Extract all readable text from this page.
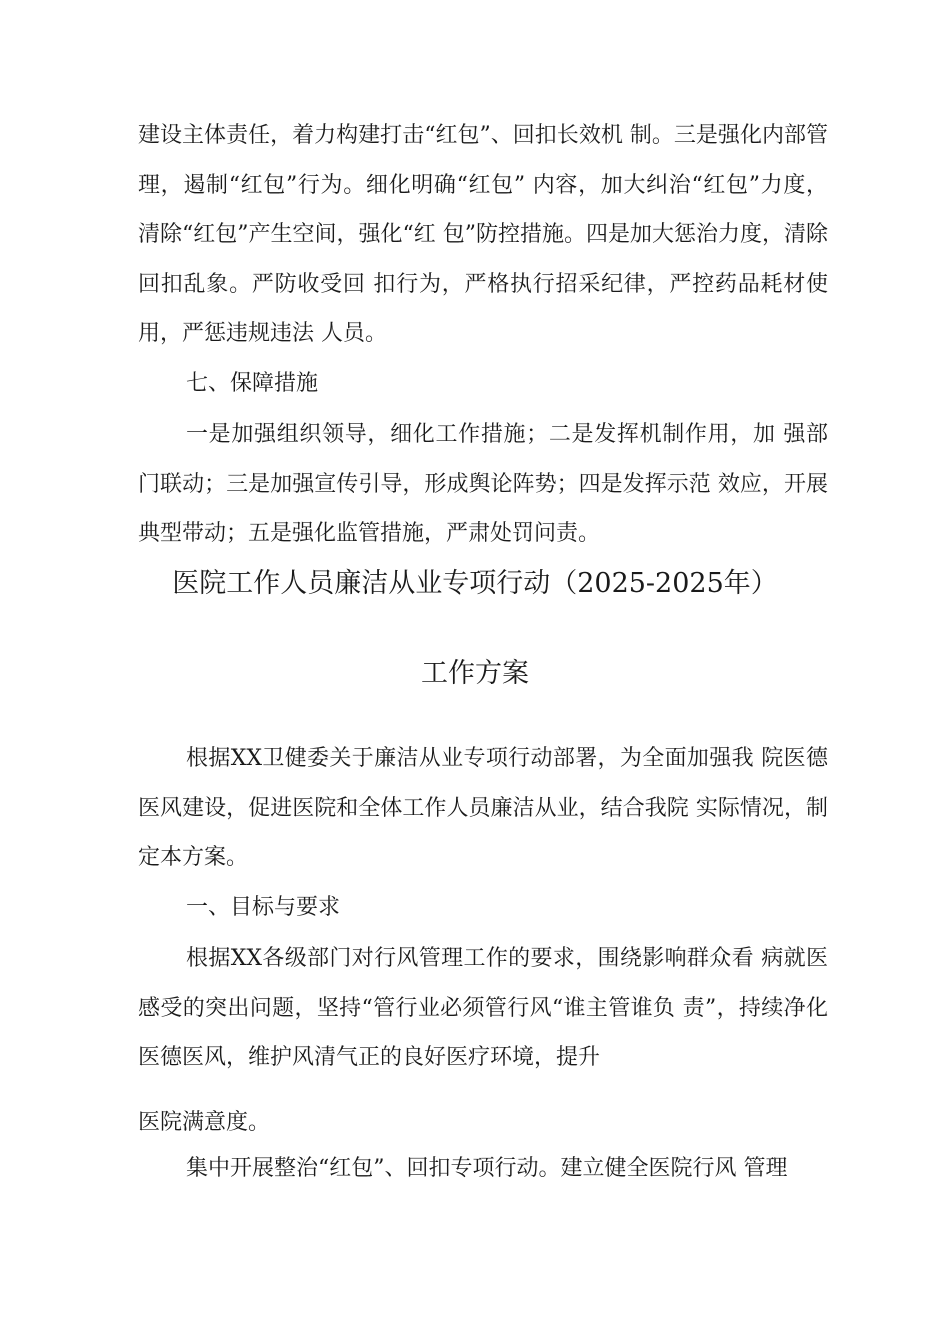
建设主体责任，着力构建打击“红包”、回扣长效机 制。三是强化内部管理，遏制“红包”行为。细化明确“红包” 内容，加大纠治“红包”力度，清除“红包”产生空间，强化“红 包”防控措施。四是加大惩治力度，清除回扣乱象。严防收受回 扣行为，严格执行招采纪律，严控药品耗材使用，严惩违规违法 人员。

七、保障措施

一是加强组织领导，细化工作措施；二是发挥机制作用，加 强部门联动；三是加强宣传引导，形成舆论阵势；四是发挥示范 效应，开展典型带动；五是强化监管措施，严肃处罚问责。

医院工作人员廉洁从业专项行动（2025-2025年）
工作方案

根据XX卫健委关于廉洁从业专项行动部署，为全面加强我 院医德医风建设，促进医院和全体工作人员廉洁从业，结合我院 实际情况，制定本方案。

一、目标与要求

根据XX各级部门对行风管理工作的要求，围绕影响群众看 病就医感受的突出问题，坚持“管行业必须管行风“谁主管谁负 责”，持续净化医德医风，维护风清气正的良好医疗环境，提升

医院满意度。

集中开展整治“红包”、回扣专项行动。建立健全医院行风 管理
